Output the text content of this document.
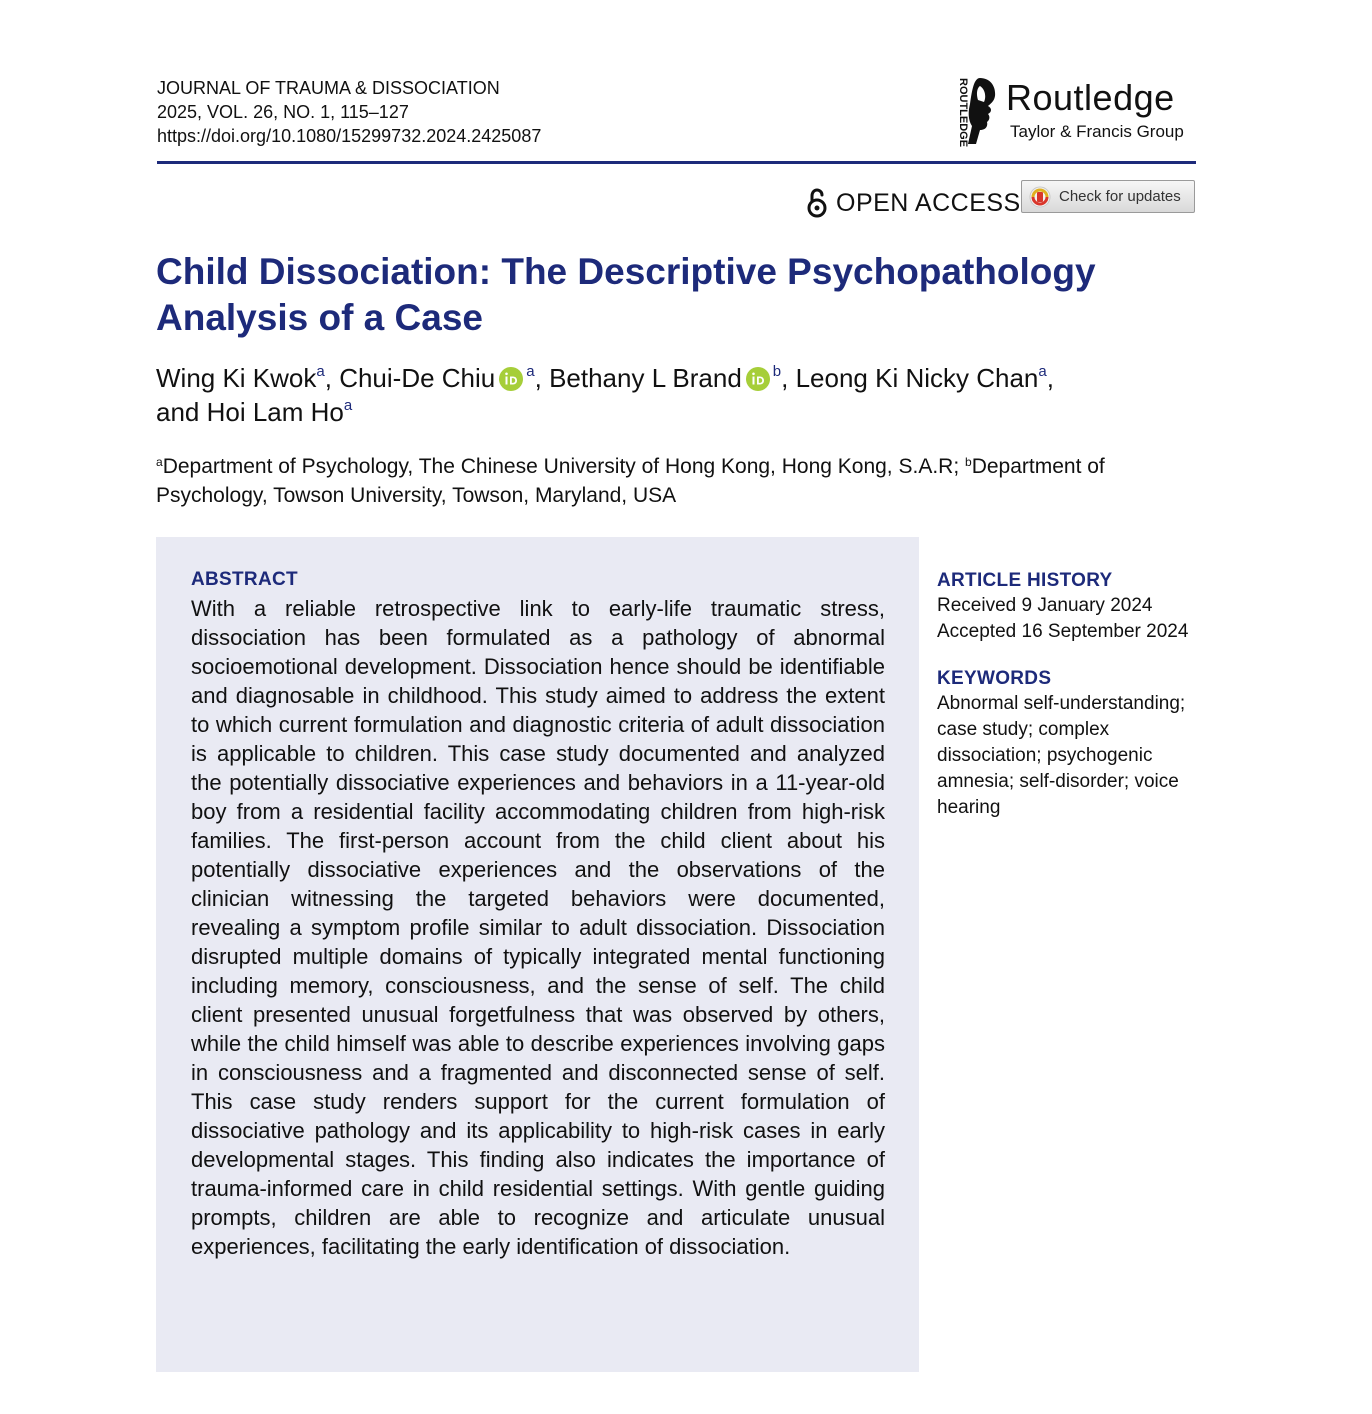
JOURNAL OF TRAUMA & DISSOCIATION
2025, VOL. 26, NO. 1, 115–127
https://doi.org/10.1080/15299732.2024.2425087	ROUTLEDGE Routledge
Taylor & Francis Group
OPEN ACCESS	Check for updates
Child Dissociation: The Descriptive Psychopathology Analysis of a Case
Wing Ki Kwok$^a$, Chui-De Chiu $^a$, Bethany L Brand $^b$, Leong Ki Nicky Chan$^a$,
and Hoi Lam Ho$^a$
$^a$Department of Psychology, The Chinese University of Hong Kong, Hong Kong, S.A.R; $^b$Department of Psychology, Towson University, Towson, Maryland, USA
ABSTRACT

With a reliable retrospective link to early-life traumatic stress, dissociation has been formulated as a pathology of abnormal socioemotional development. Dissociation hence should be identifiable and diagnosable in childhood. This study aimed to address the extent to which current formulation and diagnostic criteria of adult dissociation is applicable to children. This case study documented and analyzed the potentially dissociative experiences and behaviors in a 11-year-old boy from a residential facility accommodating children from high-risk families. The first-person account from the child client about his potentially dissociative experiences and the observations of the clinician witnessing the targeted behaviors were documented, revealing a symptom profile similar to adult dissociation. Dissociation disrupted multiple domains of typically integrated mental functioning including memory, consciousness, and the sense of self. The child client presented unusual forgetfulness that was observed by others, while the child himself was able to describe experiences involving gaps in consciousness and a fragmented and disconnected sense of self. This case study renders support for the current formulation of dissociative pathology and its applicability to high-risk cases in early developmental stages. This finding also indicates the importance of trauma-informed care in child residential settings. With gentle guiding prompts, children are able to recognize and articulate unusual experiences, facilitating the early identification of dissociation.

ARTICLE HISTORY
Received 9 January 2024
Accepted 16 September 2024
KEYWORDS
Abnormal self-understanding; case study; complex dissociation; psychogenic amnesia; self-disorder; voice hearing
